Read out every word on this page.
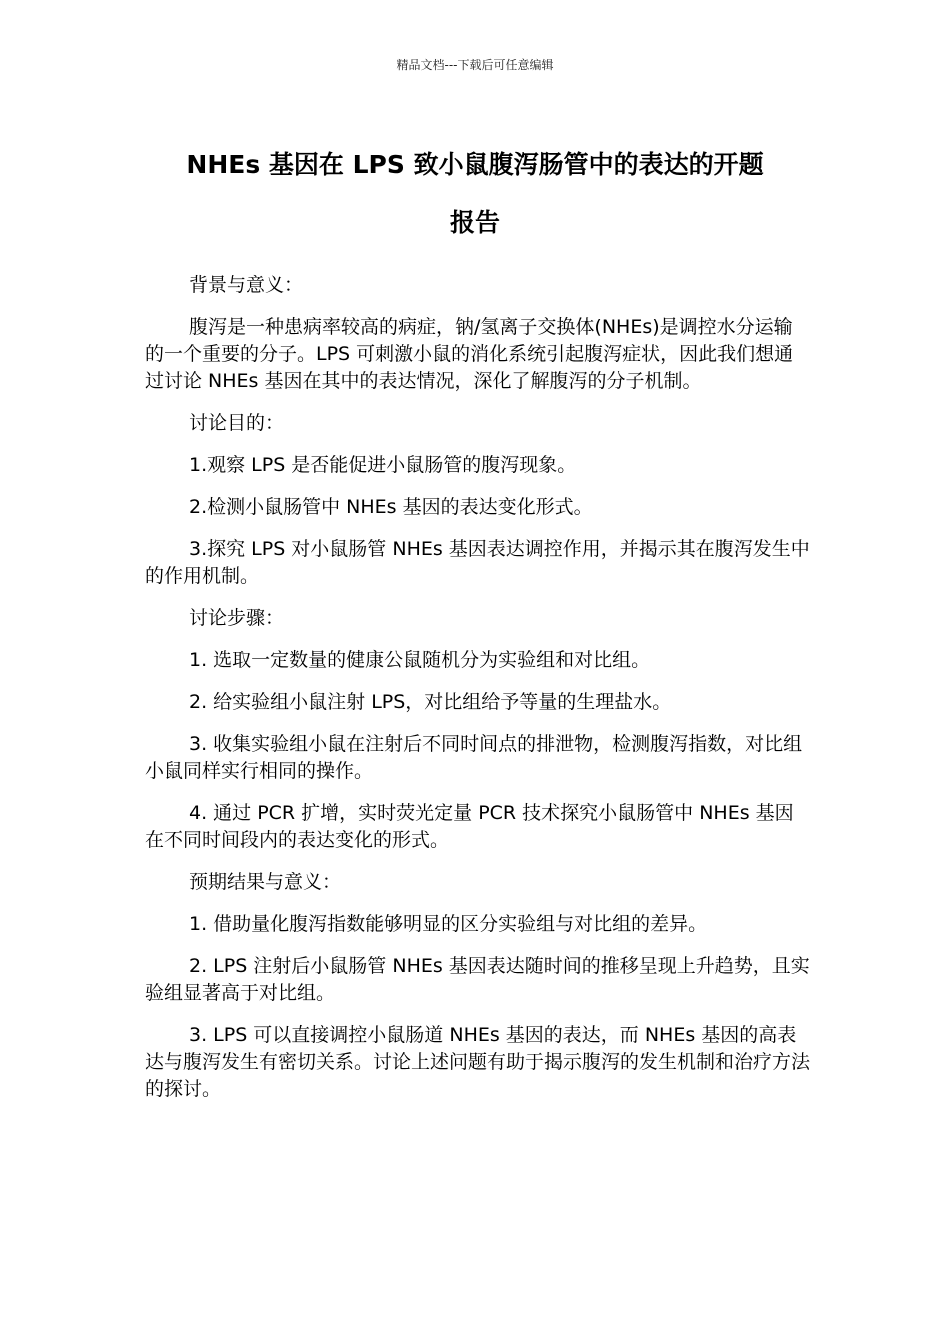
精品文档---下载后可任意编辑
NHEs 基因在 LPS 致小鼠腹泻肠管中的表达的开题
报告

背景与意义：

腹泻是一种患病率较高的病症，钠/氢离子交换体(NHEs)是调控水分运输的一个重要的分子。LPS 可刺激小鼠的消化系统引起腹泻症状，因此我们想通过讨论 NHEs 基因在其中的表达情况，深化了解腹泻的分子机制。

讨论目的：

1.观察 LPS 是否能促进小鼠肠管的腹泻现象。

2.检测小鼠肠管中 NHEs 基因的表达变化形式。

3.探究 LPS 对小鼠肠管 NHEs 基因表达调控作用，并揭示其在腹泻发生中的作用机制。

讨论步骤：

1. 选取一定数量的健康公鼠随机分为实验组和对比组。

2. 给实验组小鼠注射 LPS，对比组给予等量的生理盐水。

3. 收集实验组小鼠在注射后不同时间点的排泄物，检测腹泻指数，对比组小鼠同样实行相同的操作。

4. 通过 PCR 扩增，实时荧光定量 PCR 技术探究小鼠肠管中 NHEs 基因在不同时间段内的表达变化的形式。

预期结果与意义：

1. 借助量化腹泻指数能够明显的区分实验组与对比组的差异。

2. LPS 注射后小鼠肠管 NHEs 基因表达随时间的推移呈现上升趋势，且实验组显著高于对比组。

3. LPS 可以直接调控小鼠肠道 NHEs 基因的表达，而 NHEs 基因的高表达与腹泻发生有密切关系。讨论上述问题有助于揭示腹泻的发生机制和治疗方法的探讨。
